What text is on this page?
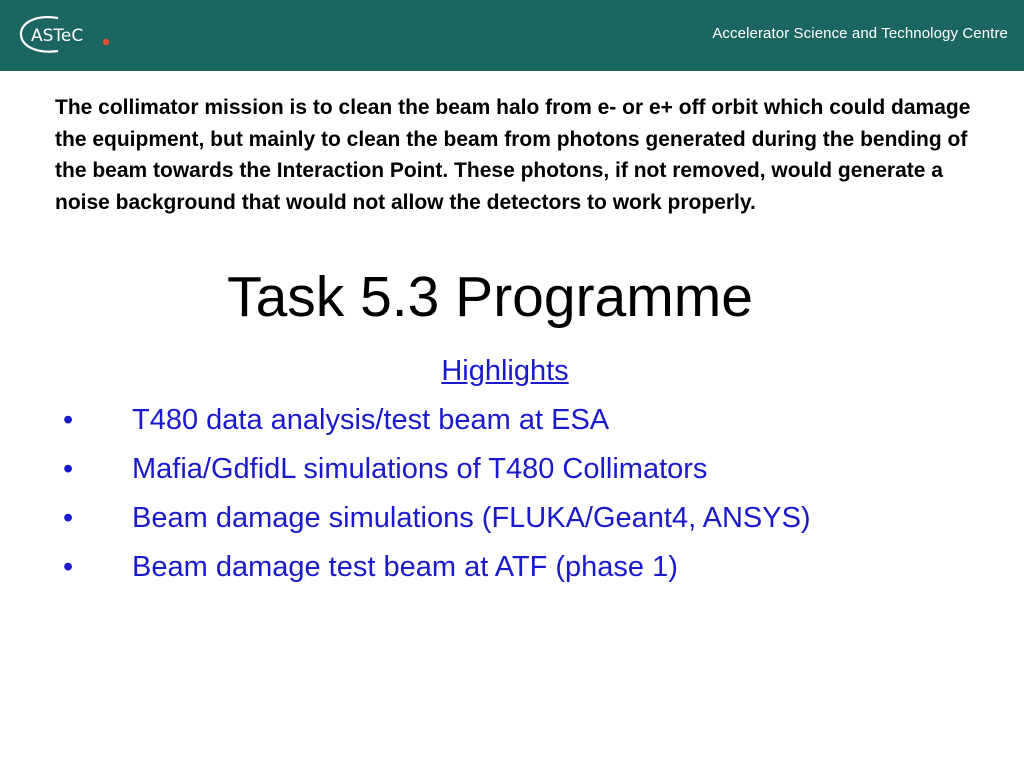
ASTeC	Accelerator Science and Technology Centre
The collimator mission is to clean the beam halo from e- or e+ off orbit which could damage the equipment, but mainly to clean the beam from photons generated during the bending of the beam towards the Interaction Point. These photons, if not removed, would generate a noise background that would not allow the detectors to work properly.
Task 5.3 Programme
Highlights
• T480 data analysis/test beam at ESA
• Mafia/GdfidL simulations of T480 Collimators
• Beam damage simulations (FLUKA/Geant4, ANSYS)
• Beam damage test beam at ATF (phase 1)
